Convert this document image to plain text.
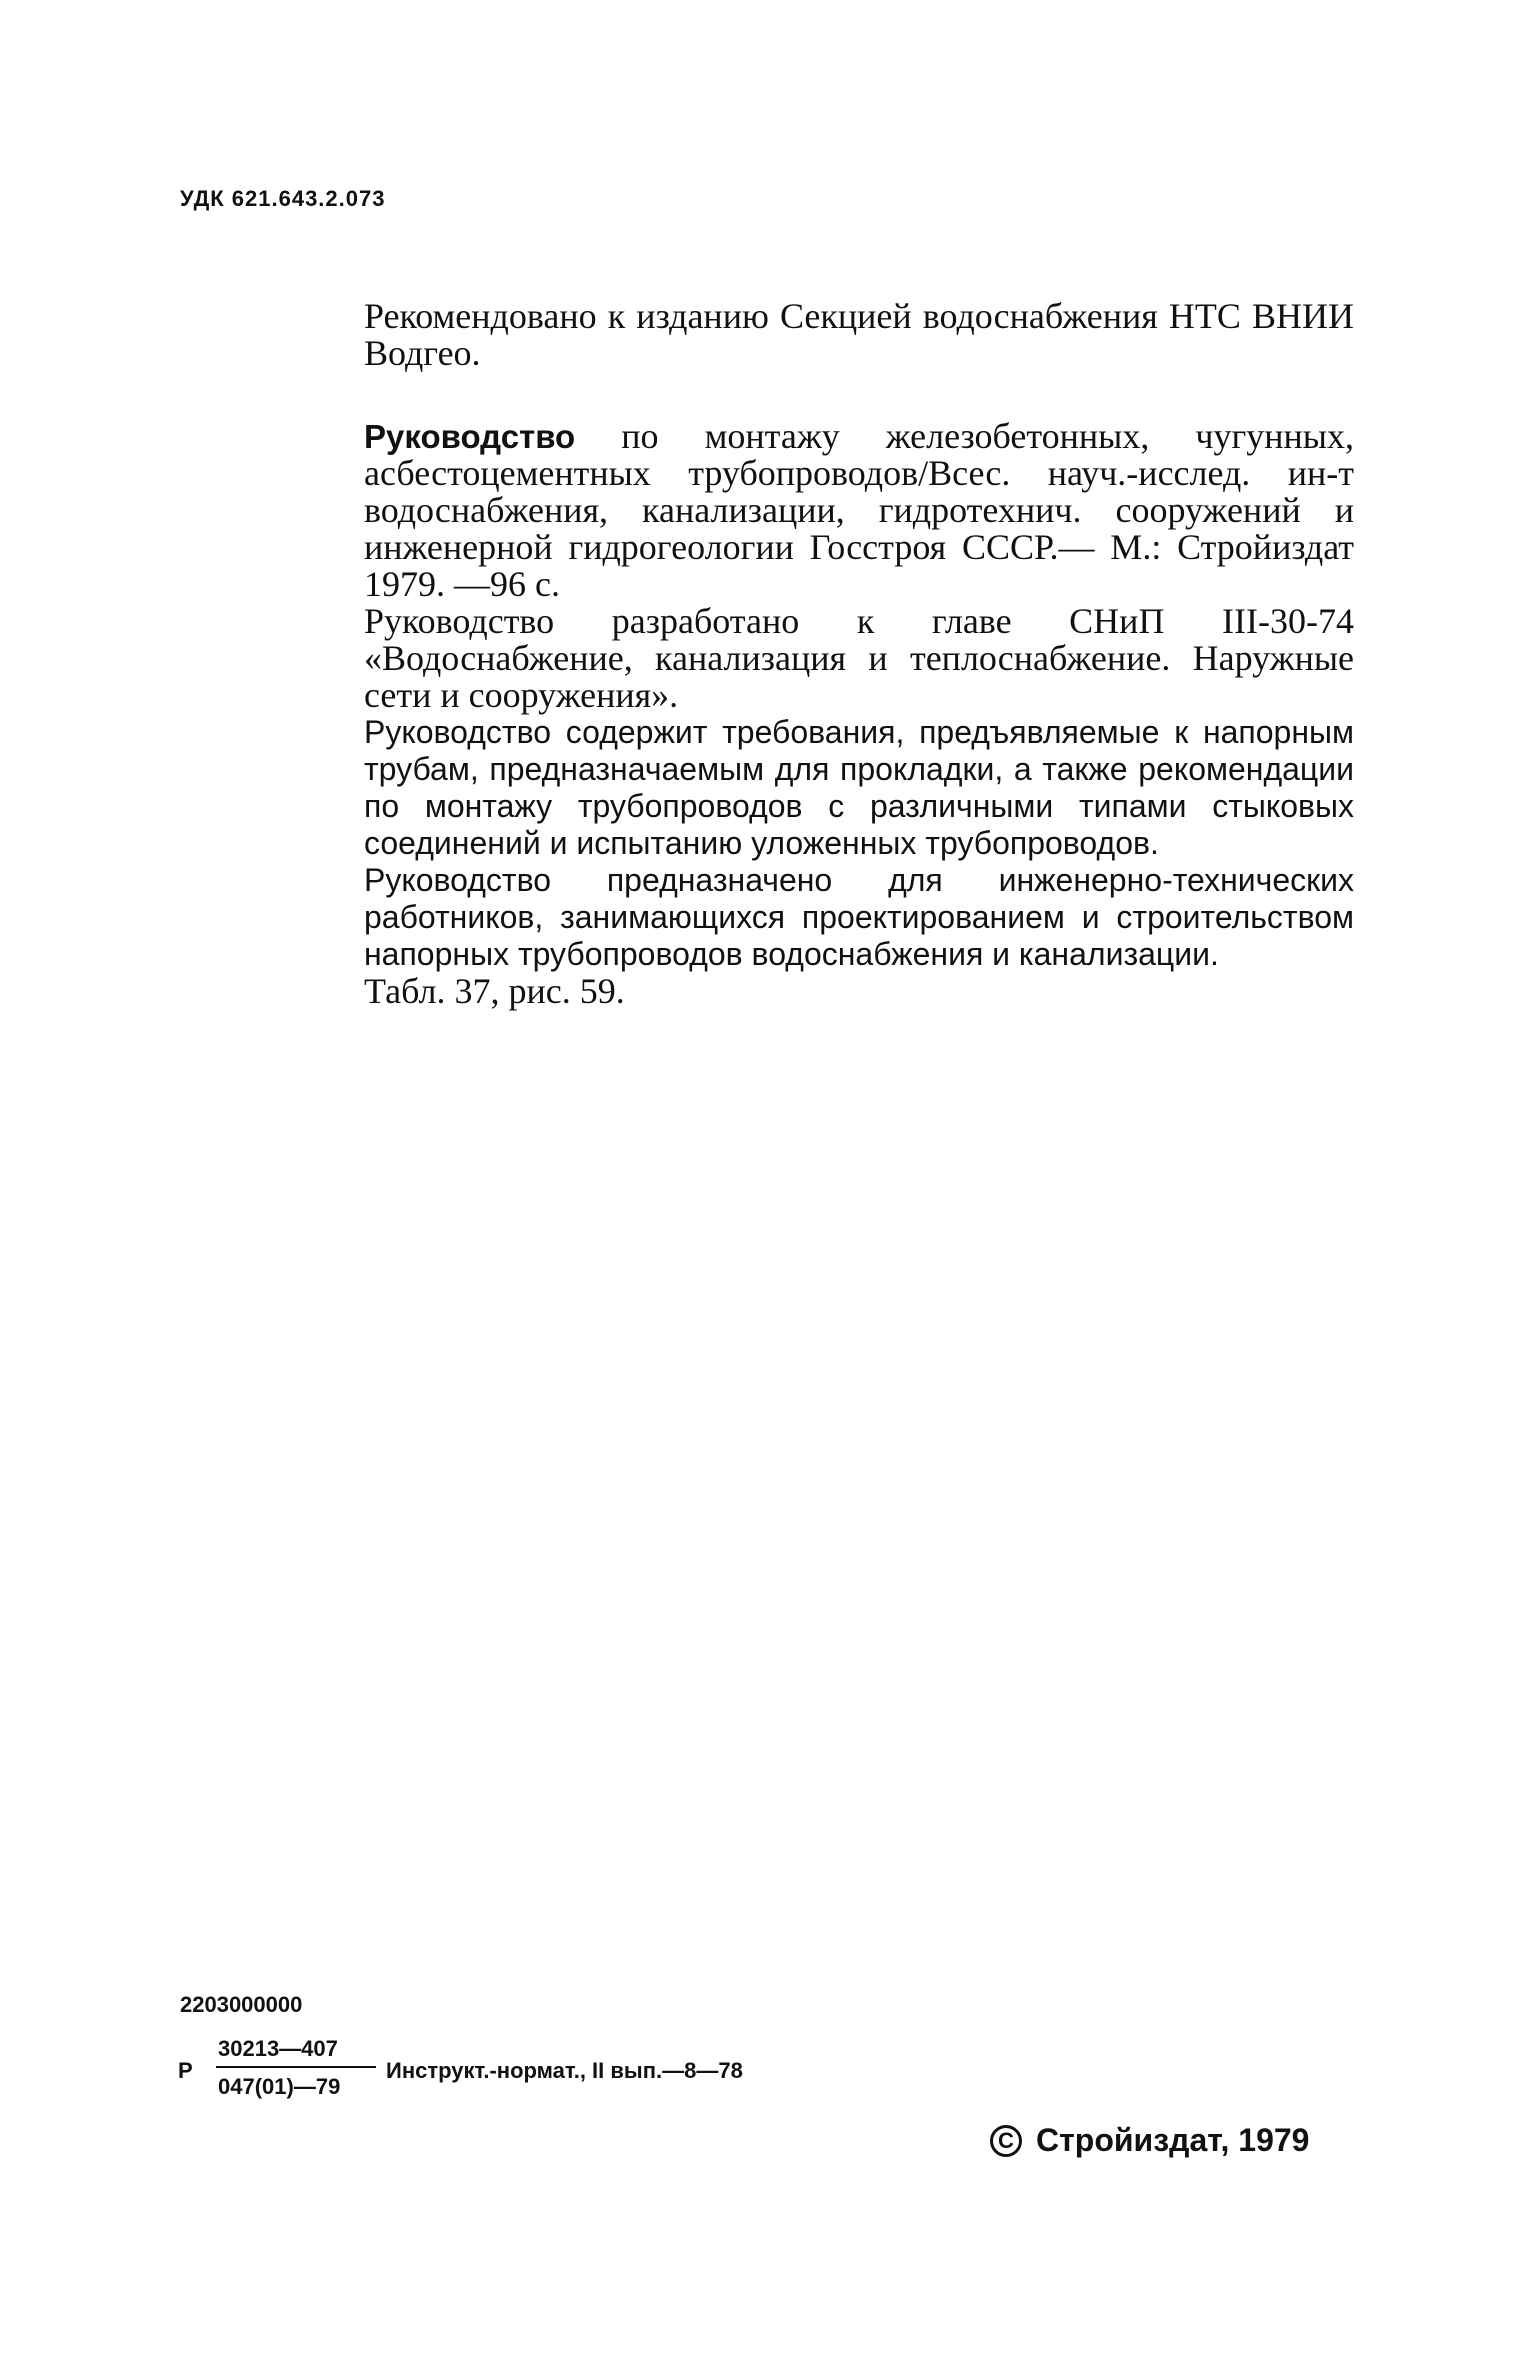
УДК 621.643.2.073
Рекомендовано к изданию Секцией водоснабжения НТС ВНИИ Водгео.

Руководство по монтажу железобетонных, чугунных, асбестоцементных трубопроводов/Всес. науч.-исслед. ин-т водоснабжения, канализации, гидротехнич. сооружений и инженерной гидрогеологии Госстроя СССР.— М.: Стройиздат 1979. —96 с.

Руководство разработано к главе СНиП III-30-74 «Водоснабжение, канализация и теплоснабжение. Наружные сети и сооружения».

Руководство содержит требования, предъявляемые к напорным трубам, предназначаемым для прокладки, а также рекомендации по монтажу трубопроводов с различными типами стыковых соединений и испытанию уложенных трубопроводов.

Руководство предназначено для инженерно-технических работников, занимающихся проектированием и строительством напорных трубопроводов водоснабжения и канализации.

Табл. 37, рис. 59.

2203000000
Р
30213—407
047(01)—79
Инструкт.-нормат., II вып.—8—78
C Стройиздат, 1979
